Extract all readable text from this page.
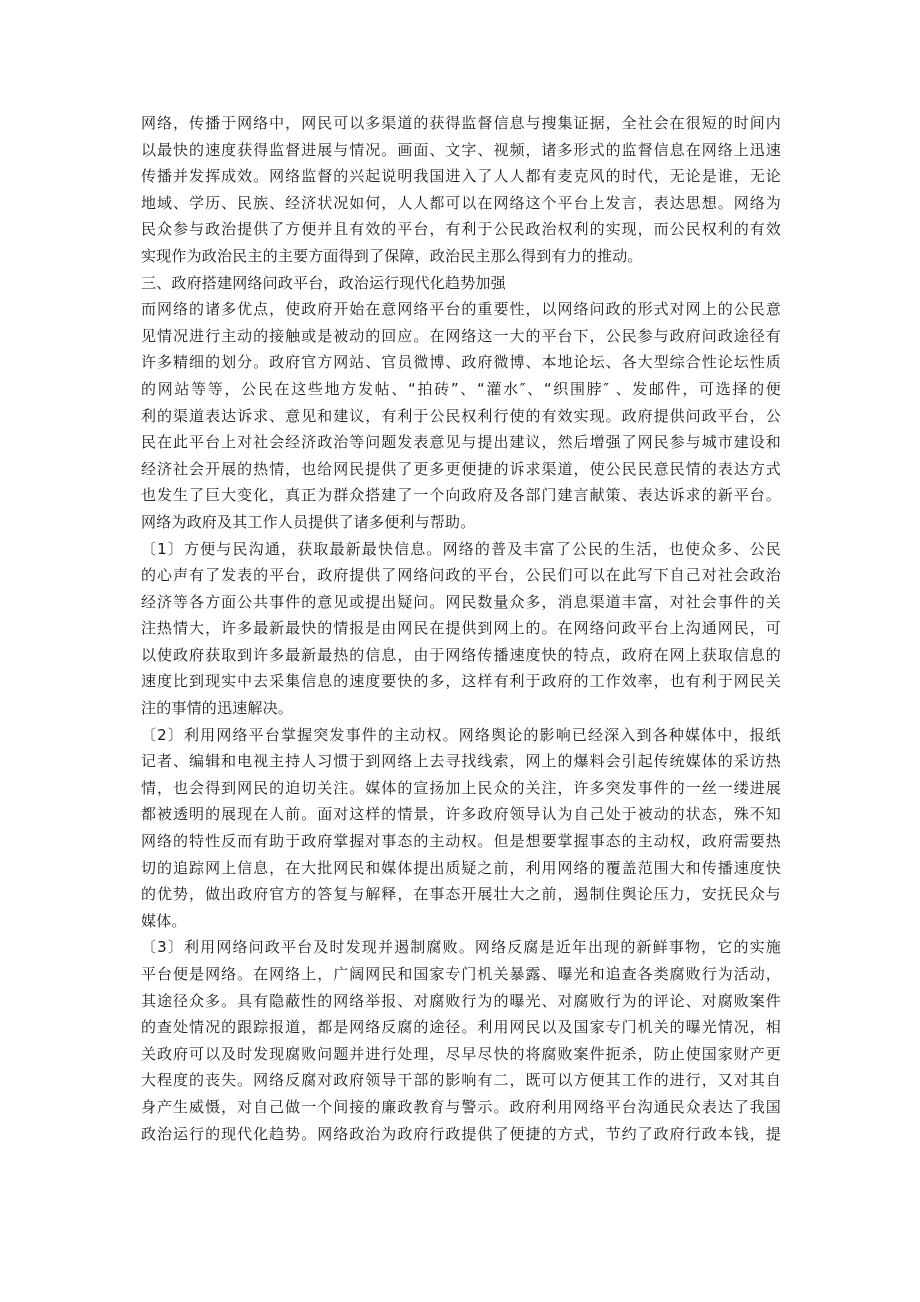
网络，传播于网络中，网民可以多渠道的获得监督信息与搜集证据，全社会在很短的时间内
以最快的速度获得监督进展与情况。画面、文字、视频，诸多形式的监督信息在网络上迅速
传播并发挥成效。网络监督的兴起说明我国进入了人人都有麦克风的时代，无论是谁，无论
地域、学历、民族、经济状况如何，人人都可以在网络这个平台上发言，表达思想。网络为
民众参与政治提供了方便并且有效的平台，有利于公民政治权利的实现，而公民权利的有效
实现作为政治民主的主要方面得到了保障，政治民主那么得到有力的推动。
三、政府搭建网络问政平台，政治运行现代化趋势加强
而网络的诸多优点，使政府开始在意网络平台的重要性，以网络问政的形式对网上的公民意
见情况进行主动的接触或是被动的回应。在网络这一大的平台下，公民参与政府问政途径有
许多精细的划分。政府官方网站、官员微博、政府微博、本地论坛、各大型综合性论坛性质
的网站等等，公民在这些地方发帖、“拍砖”、“灌水″、“织围脖″ 、发邮件，可选择的便
利的渠道表达诉求、意见和建议，有利于公民权利行使的有效实现。政府提供问政平台，公
民在此平台上对社会经济政治等问题发表意见与提出建议，然后增强了网民参与城市建设和
经济社会开展的热情，也给网民提供了更多更便捷的诉求渠道，使公民民意民情的表达方式
也发生了巨大变化，真正为群众搭建了一个向政府及各部门建言献策、表达诉求的新平台。
网络为政府及其工作人员提供了诸多便利与帮助。
〔1〕方便与民沟通，获取最新最快信息。网络的普及丰富了公民的生活，也使众多、公民
的心声有了发表的平台，政府提供了网络问政的平台，公民们可以在此写下自己对社会政治
经济等各方面公共事件的意见或提出疑问。网民数量众多，消息渠道丰富，对社会事件的关
注热情大，许多最新最快的情报是由网民在提供到网上的。在网络问政平台上沟通网民，可
以使政府获取到许多最新最热的信息，由于网络传播速度快的特点，政府在网上获取信息的
速度比到现实中去采集信息的速度要快的多，这样有利于政府的工作效率，也有利于网民关
注的事情的迅速解决。
〔2〕利用网络平台掌握突发事件的主动权。网络舆论的影响已经深入到各种媒体中，报纸
记者、编辑和电视主持人习惯于到网络上去寻找线索，网上的爆料会引起传统媒体的采访热
情，也会得到网民的迫切关注。媒体的宣扬加上民众的关注，许多突发事件的一丝一缕进展
都被透明的展现在人前。面对这样的情景，许多政府领导认为自己处于被动的状态，殊不知
网络的特性反而有助于政府掌握对事态的主动权。但是想要掌握事态的主动权，政府需要热
切的追踪网上信息，在大批网民和媒体提出质疑之前，利用网络的覆盖范围大和传播速度快
的优势，做出政府官方的答复与解释，在事态开展壮大之前，遏制住舆论压力，安抚民众与
媒体。
〔3〕利用网络问政平台及时发现并遏制腐败。网络反腐是近年出现的新鲜事物，它的实施
平台便是网络。在网络上，广阔网民和国家专门机关暴露、曝光和追查各类腐败行为活动，
其途径众多。具有隐蔽性的网络举报、对腐败行为的曝光、对腐败行为的评论、对腐败案件
的查处情况的跟踪报道，都是网络反腐的途径。利用网民以及国家专门机关的曝光情况，相
关政府可以及时发现腐败问题并进行处理，尽早尽快的将腐败案件扼杀，防止使国家财产更
大程度的丧失。网络反腐对政府领导干部的影响有二，既可以方便其工作的进行，又对其自
身产生威慑，对自己做一个间接的廉政教育与警示。政府利用网络平台沟通民众表达了我国
政治运行的现代化趋势。网络政治为政府行政提供了便捷的方式，节约了政府行政本钱，提
